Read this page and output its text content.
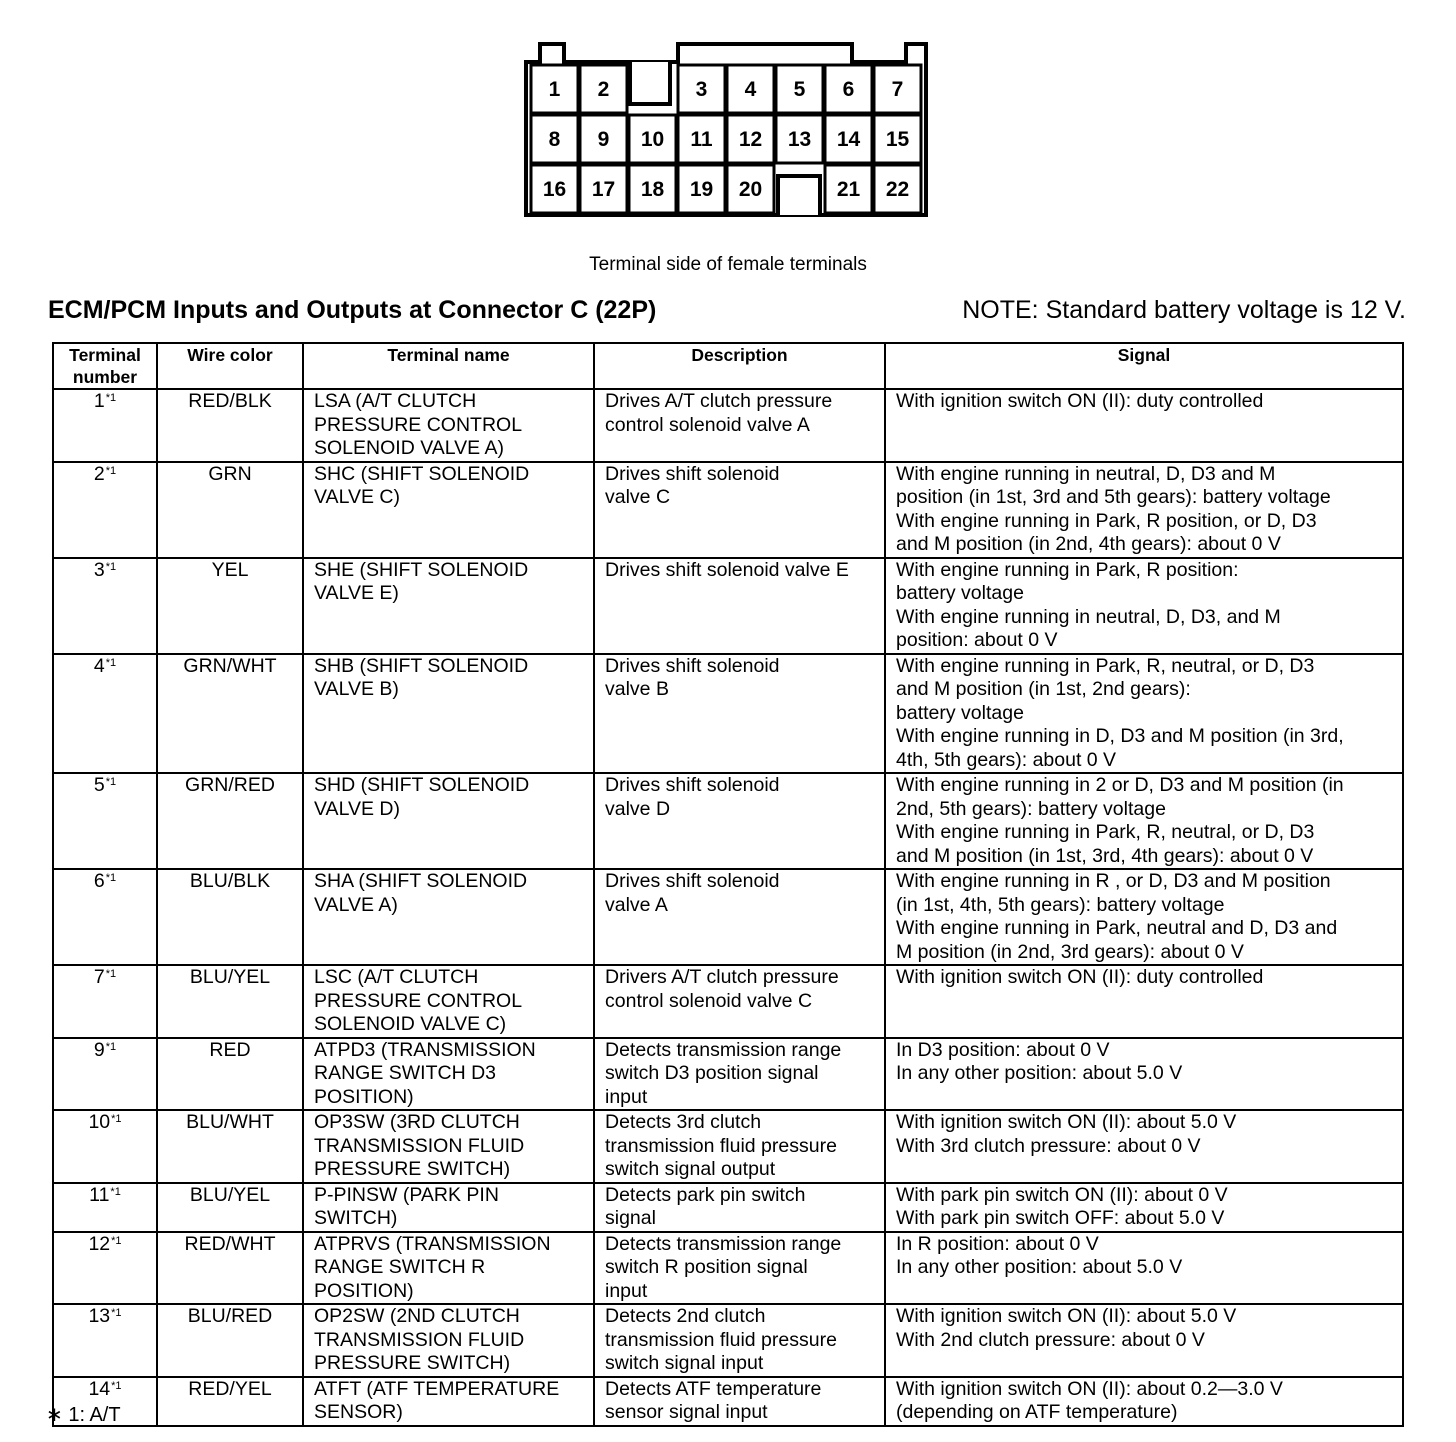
1 2	3 4 5 6 7
8 9 10 11 12 13 14 15
16 17 18 19 20	21 22
Terminal side of female terminals
ECM/PCM Inputs and Outputs at Connector C (22P)	NOTE: Standard battery voltage is 12 V.
Terminal
number	Wire color	Terminal name	Description	Signal
1$^{*1}$	RED/BLK	LSA (A/T CLUTCH
PRESSURE CONTROL
SOLENOID VALVE A)	Drives A/T clutch pressure
control solenoid valve A	With ignition switch ON (II): duty controlled
2$^{*1}$	GRN	SHC (SHIFT SOLENOID
VALVE C)	Drives shift solenoid
valve C	With engine running in neutral, D, D3 and M
position (in 1st, 3rd and 5th gears): battery voltage
With engine running in Park, R position, or D, D3
and M position (in 2nd, 4th gears): about 0 V
3$^{*1}$	YEL	SHE (SHIFT SOLENOID
VALVE E)	Drives shift solenoid valve E	With engine running in Park, R position:
battery voltage
With engine running in neutral, D, D3, and M
position: about 0 V
4$^{*1}$	GRN/WHT	SHB (SHIFT SOLENOID
VALVE B)	Drives shift solenoid
valve B	With engine running in Park, R, neutral, or D, D3
and M position (in 1st, 2nd gears):
battery voltage
With engine running in D, D3 and M position (in 3rd,
4th, 5th gears): about 0 V
5$^{*1}$	GRN/RED	SHD (SHIFT SOLENOID
VALVE D)	Drives shift solenoid
valve D	With engine running in 2 or D, D3 and M position (in
2nd, 5th gears): battery voltage
With engine running in Park, R, neutral, or D, D3
and M position (in 1st, 3rd, 4th gears): about 0 V
6$^{*1}$	BLU/BLK	SHA (SHIFT SOLENOID
VALVE A)	Drives shift solenoid
valve A	With engine running in R , or D, D3 and M position
(in 1st, 4th, 5th gears): battery voltage
With engine running in Park, neutral and D, D3 and
M position (in 2nd, 3rd gears): about 0 V
7$^{*1}$	BLU/YEL	LSC (A/T CLUTCH
PRESSURE CONTROL
SOLENOID VALVE C)	Drivers A/T clutch pressure
control solenoid valve C	With ignition switch ON (II): duty controlled
9$^{*1}$	RED	ATPD3 (TRANSMISSION
RANGE SWITCH D3
POSITION)	Detects transmission range
switch D3 position signal
input	In D3 position: about 0 V
In any other position: about 5.0 V
10$^{*1}$	BLU/WHT	OP3SW (3RD CLUTCH
TRANSMISSION FLUID
PRESSURE SWITCH)	Detects 3rd clutch
transmission fluid pressure
switch signal output	With ignition switch ON (II): about 5.0 V
With 3rd clutch pressure: about 0 V
11$^{*1}$	BLU/YEL	P-PINSW (PARK PIN
SWITCH)	Detects park pin switch
signal	With park pin switch ON (II): about 0 V
With park pin switch OFF: about 5.0 V
12$^{*1}$	RED/WHT	ATPRVS (TRANSMISSION
RANGE SWITCH R
POSITION)	Detects transmission range
switch R position signal
input	In R position: about 0 V
In any other position: about 5.0 V
13$^{*1}$	BLU/RED	OP2SW (2ND CLUTCH
TRANSMISSION FLUID
PRESSURE SWITCH)	Detects 2nd clutch
transmission fluid pressure
switch signal input	With ignition switch ON (II): about 5.0 V
With 2nd clutch pressure: about 0 V
14$^{*1}$	RED/YEL	ATFT (ATF TEMPERATURE
SENSOR)	Detects ATF temperature
sensor signal input	With ignition switch ON (II): about 0.2—3.0 V
(depending on ATF temperature)
∗ 1: A/T
